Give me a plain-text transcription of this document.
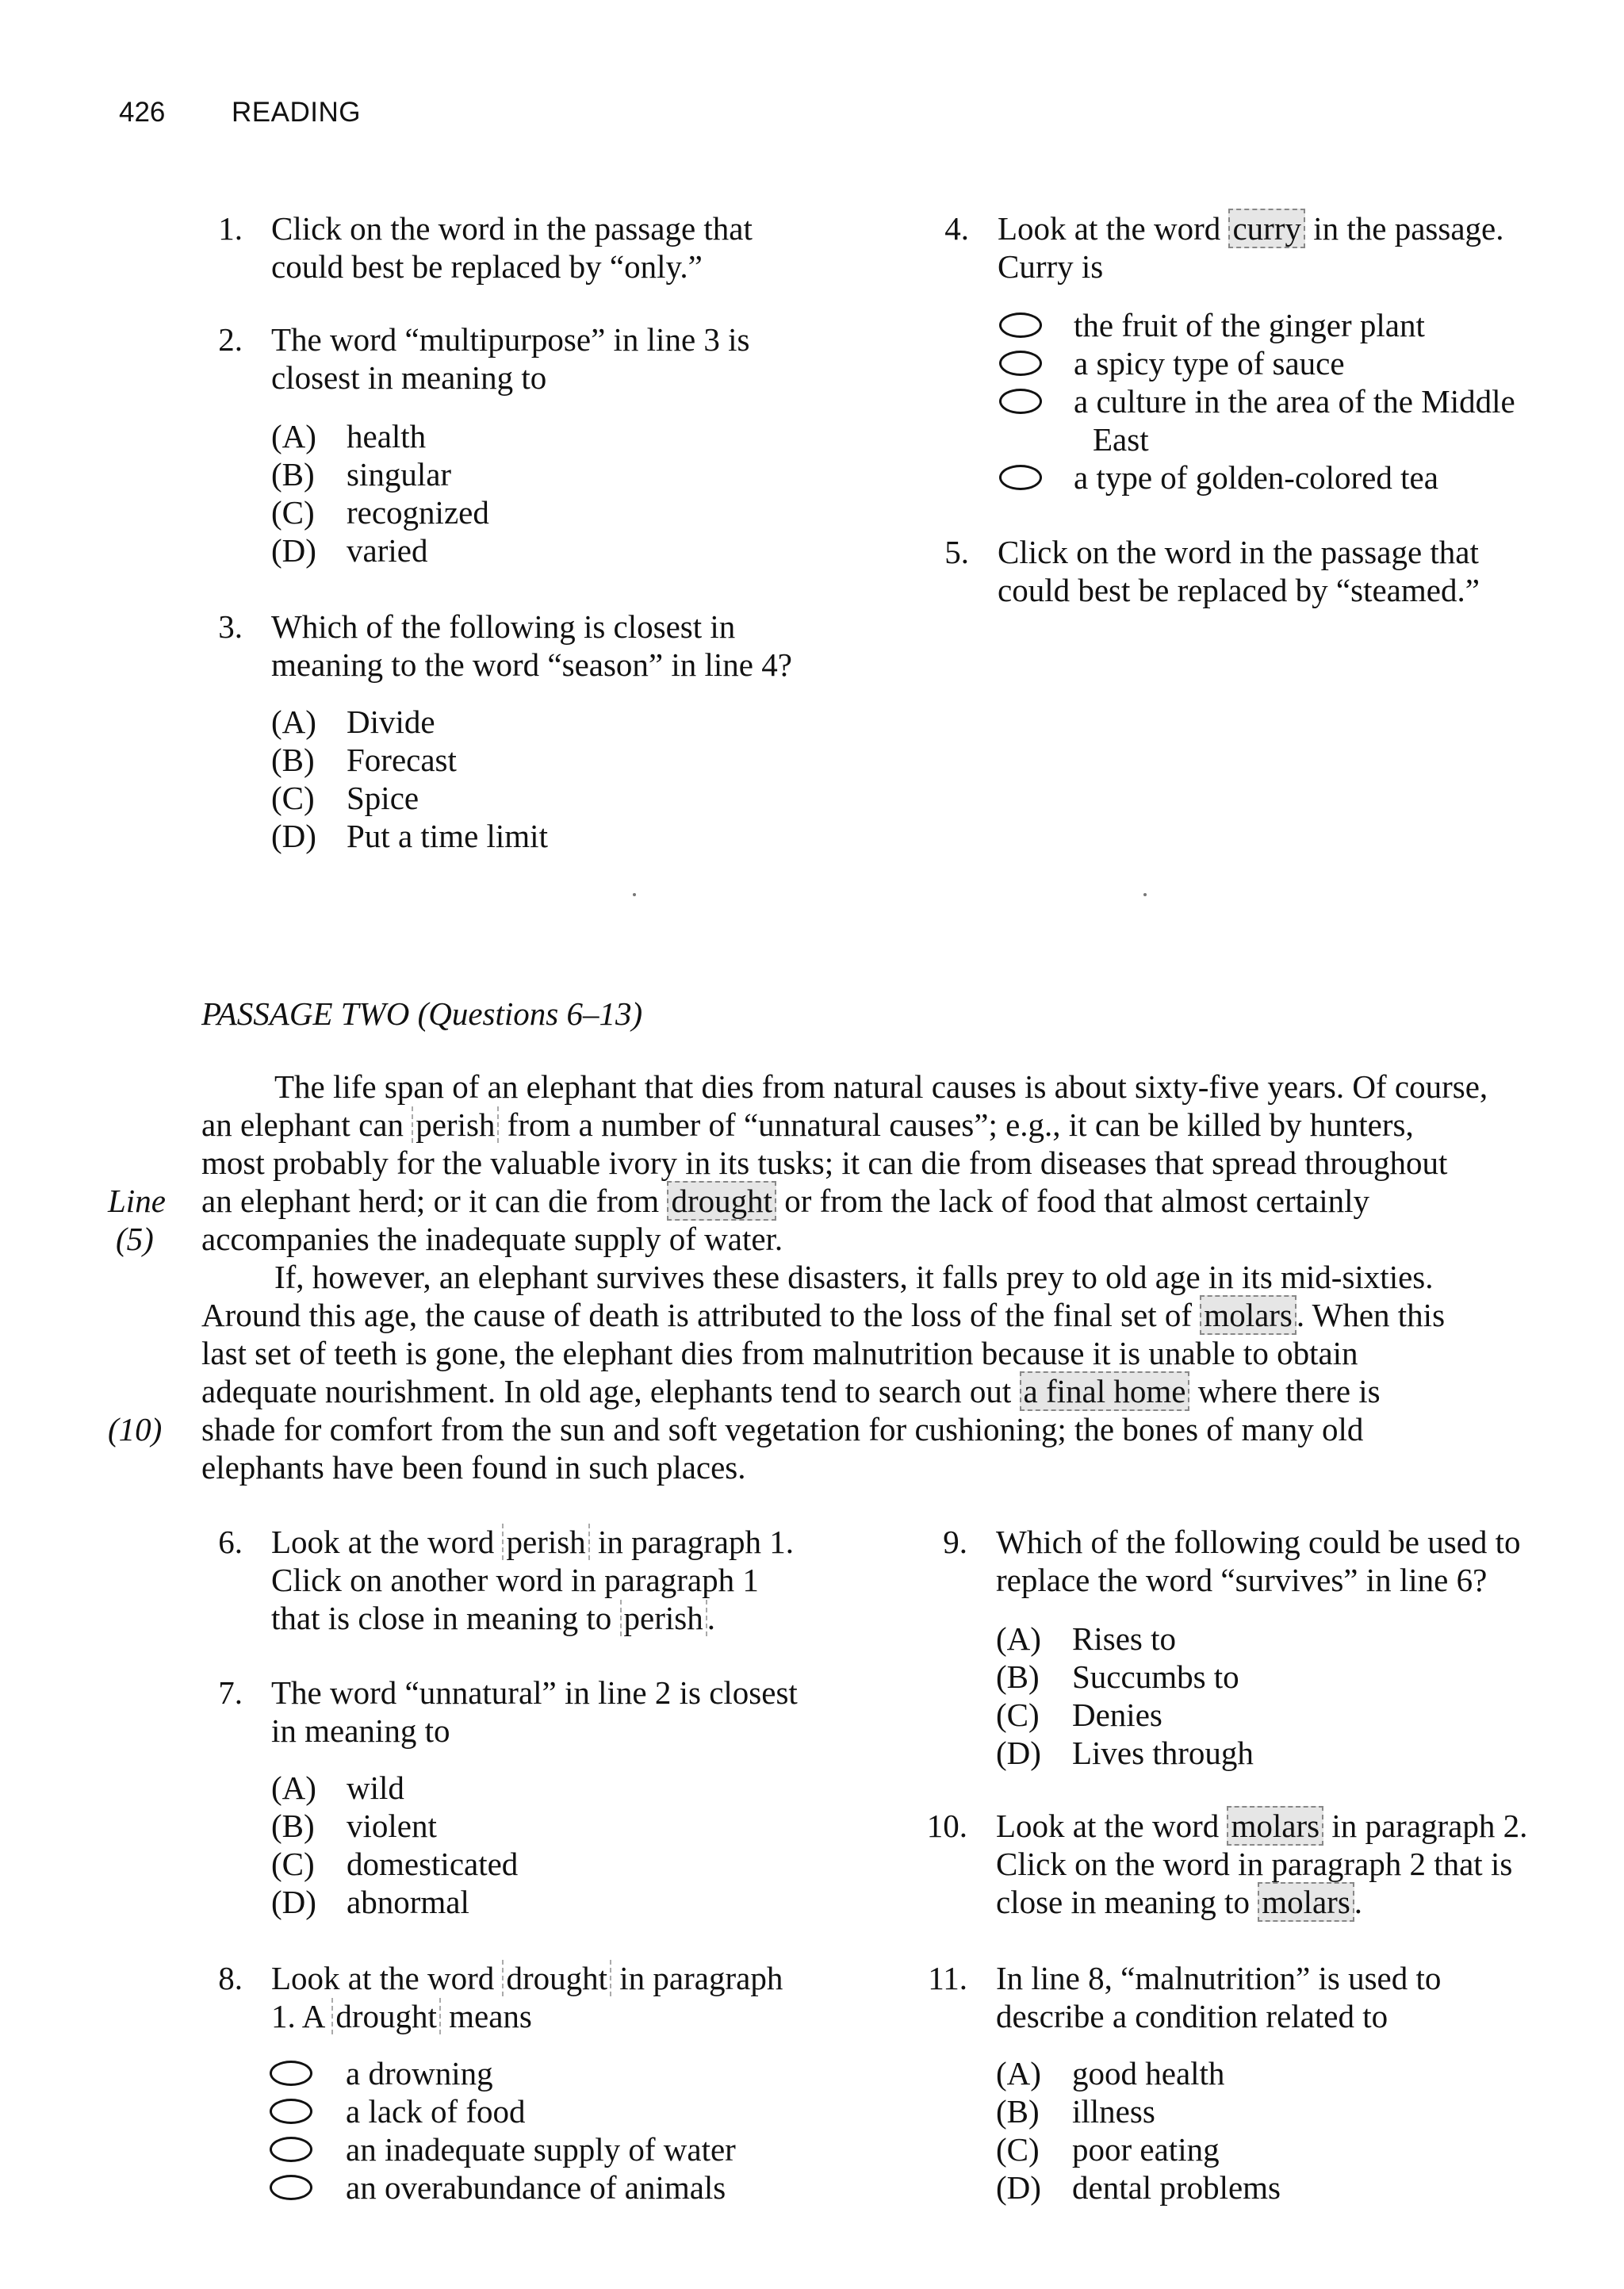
426 READING
1. Click on the word in the passage that
could best be replaced by “only.”
2. The word “multipurpose” in line 3 is
closest in meaning to
(A) health
(B) singular
(C) recognized
(D) varied
3. Which of the following is closest in
meaning to the word “season” in line 4?
(A) Divide
(B) Forecast
(C) Spice
(D) Put a time limit
4. Look at the word curry in the passage.
Curry is
the fruit of the ginger plant
a spicy type of sauce
a culture in the area of the Middle
East
a type of golden-colored tea
5. Click on the word in the passage that
could best be replaced by “steamed.”
PASSAGE TWO (Questions 6–13)
The life span of an elephant that dies from natural causes is about sixty-five years. Of course,
an elephant can perish from a number of “unnatural causes”; e.g., it can be killed by hunters,
most probably for the valuable ivory in its tusks; it can die from diseases that spread throughout
Line an elephant herd; or it can die from drought or from the lack of food that almost certainly
(5) accompanies the inadequate supply of water.
If, however, an elephant survives these disasters, it falls prey to old age in its mid-sixties.
Around this age, the cause of death is attributed to the loss of the final set of molars . When this
last set of teeth is gone, the elephant dies from malnutrition because it is unable to obtain
adequate nourishment. In old age, elephants tend to search out a final home where there is
(10) shade for comfort from the sun and soft vegetation for cushioning; the bones of many old
elephants have been found in such places.
6. Look at the word perish in paragraph 1.
Click on another word in paragraph 1
that is close in meaning to perish .
7. The word “unnatural” in line 2 is closest
in meaning to
(A) wild
(B) violent
(C) domesticated
(D) abnormal
8. Look at the word drought in paragraph
1. A drought means
a drowning
a lack of food
an inadequate supply of water
an overabundance of animals
9. Which of the following could be used to
replace the word “survives” in line 6?
(A) Rises to
(B) Succumbs to
(C) Denies
(D) Lives through
10. Look at the word molars in paragraph 2.
Click on the word in paragraph 2 that is
close in meaning to molars .
11. In line 8, “malnutrition” is used to
describe a condition related to
(A) good health
(B) illness
(C) poor eating
(D) dental problems
